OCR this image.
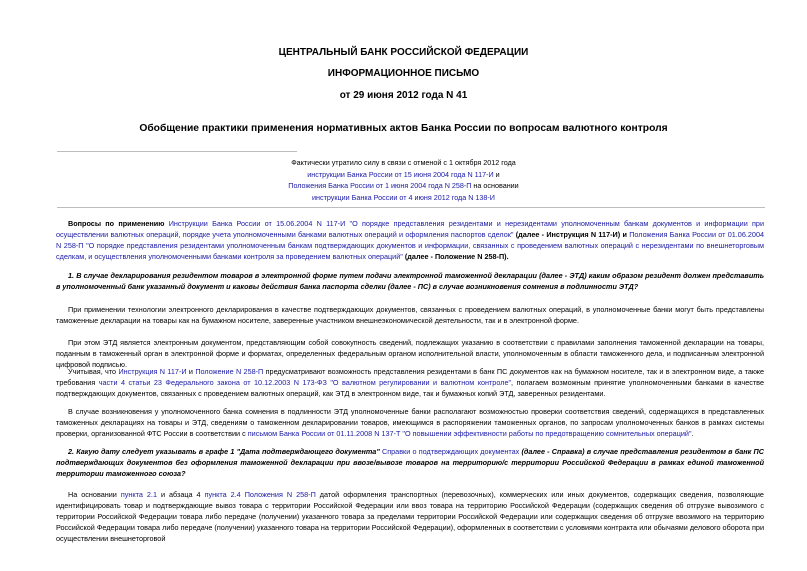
ЦЕНТРАЛЬНЫЙ БАНК РОССИЙСКОЙ ФЕДЕРАЦИИ
ИНФОРМАЦИОННОЕ ПИСЬМО
от 29 июня 2012 года N 41
Обобщение практики применения нормативных актов Банка России по вопросам валютного контроля
Фактически утратило силу в связи с отменой с 1 октября 2012 года
инструкции Банка России от 15 июня 2004 года N 117-И и
Положения Банка России от 1 июня 2004 года N 258-П на основании
инструкции Банка России от 4 июня 2012 года N 138-И
Вопросы по применению Инструкции Банка России от 15.06.2004 N 117-И "О порядке представления резидентами и нерезидентами уполномоченным банкам документов и информации при осуществлении валютных операций, порядке учета уполномоченными банками валютных операций и оформления паспортов сделок" (далее - Инструкция N 117-И) и Положения Банка России от 01.06.2004 N 258-П "О порядке представления резидентами уполномоченным банкам подтверждающих документов и информации, связанных с проведением валютных операций с нерезидентами по внешнеторговым сделкам, и осуществления уполномоченными банками контроля за проведением валютных операций" (далее - Положение N 258-П).
1. В случае декларирования резидентом товаров в электронной форме путем подачи электронной таможенной декларации (далее - ЭТД) каким образом резидент должен представить в уполномоченный банк указанный документ и каковы действия банка паспорта сделки (далее - ПС) в случае возникновения сомнения в подлинности ЭТД?
При применении технологии электронного декларирования в качестве подтверждающих документов, связанных с проведением валютных операций, в уполномоченные банки могут быть представлены таможенные декларации на товары как на бумажном носителе, заверенные участником внешнеэкономической деятельности, так и в электронной форме.
При этом ЭТД является электронным документом, представляющим собой совокупность сведений, подлежащих указанию в соответствии с правилами заполнения таможенной декларации на товары, поданным в таможенный орган в электронной форме и форматах, определенных федеральным органом исполнительной власти, уполномоченным в области таможенного дела, и подписанным электронной цифровой подписью.
Учитывая, что Инструкция N 117-И и Положение N 258-П предусматривают возможность представления резидентами в банк ПС документов как на бумажном носителе, так и в электронном виде, а также требования части 4 статьи 23 Федерального закона от 10.12.2003 N 173-ФЗ "О валютном регулировании и валютном контроле", полагаем возможным принятие уполномоченными банками в качестве подтверждающих документов, связанных с проведением валютных операций, как ЭТД в электронном виде, так и бумажных копий ЭТД, заверенных резидентами.
В случае возникновения у уполномоченного банка сомнения в подлинности ЭТД уполномоченные банки располагают возможностью проверки соответствия сведений, содержащихся в представленных таможенных декларациях на товары и ЭТД, сведениям о таможенном декларировании товаров, имеющимся в распоряжении таможенных органов, по запросам уполномоченных банков в рамках системы проверки, организованной ФТС России в соответствии с письмом Банка России от 01.11.2008 N 137-Т "О повышении эффективности работы по предотвращению сомнительных операций".
2. Какую дату следует указывать в графе 1 "Дата подтверждающего документа" Справки о подтверждающих документах (далее - Справка) в случае представления резидентом в банк ПС подтверждающих документов без оформления таможенной декларации при ввозе/вывозе товаров на территорию/с территории Российской Федерации в рамках единой таможенной территории таможенного союза?
На основании пункта 2.1 и абзаца 4 пункта 2.4 Положения N 258-П датой оформления транспортных (перевозочных), коммерческих или иных документов, содержащих сведения, позволяющие идентифицировать товар и подтверждающие вывоз товара с территории Российской Федерации или ввоз товара на территорию Российской Федерации (содержащих сведения об отгрузке вывозимого с территории Российской Федерации товара либо передаче (получении) указанного товара за пределами территории Российской Федерации или содержащих сведения об отгрузке ввозимого на территорию Российской Федерации товара либо передаче (получении) указанного товара на территории Российской Федерации), оформленных в соответствии с условиями контракта или обычаями делового оборота при осуществлении внешнеторговой
